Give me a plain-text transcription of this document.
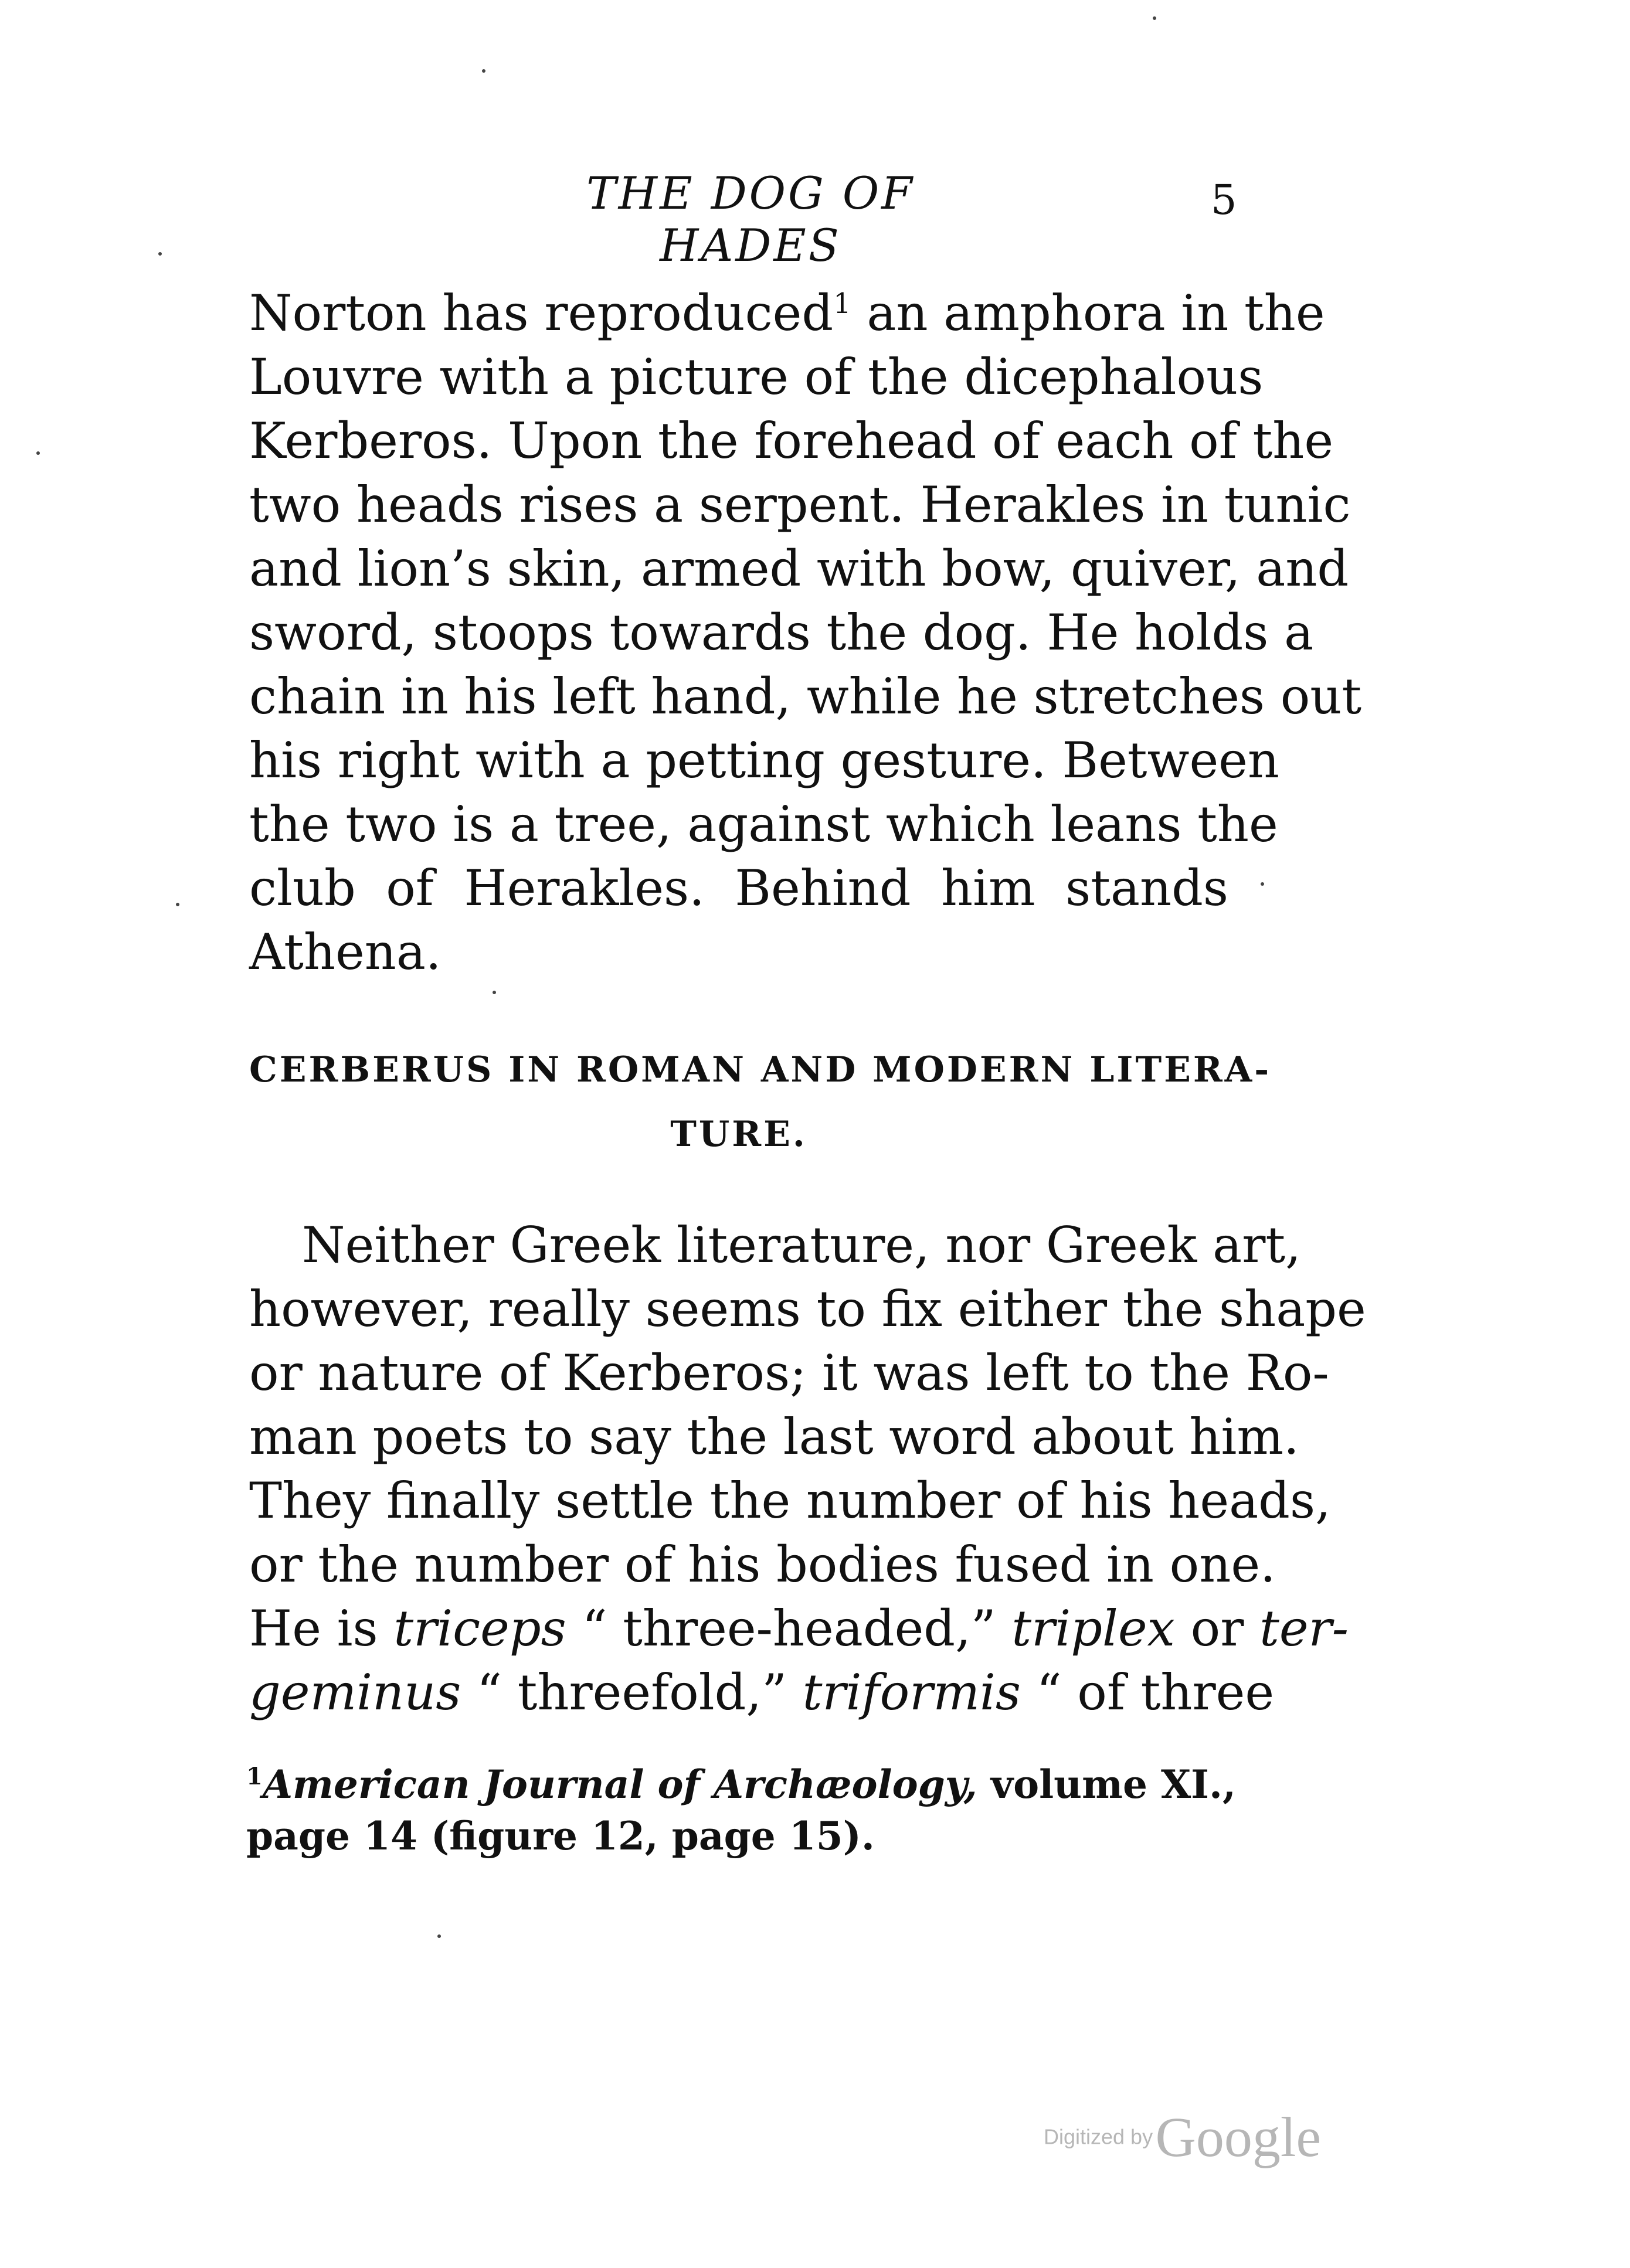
THE DOG OF HADES
5

Norton has reproduced$^1$ an amphora in the
Louvre with a picture of the dicephalous
Kerberos. Upon the forehead of each of the
two heads rises a serpent. Herakles in tunic
and lion’s skin, armed with bow, quiver, and
sword, stoops towards the dog. He holds a
chain in his left hand, while he stretches out
his right with a petting gesture. Between
the two is a tree, against which leans the
club of Herakles. Behind him stands
Athena.

CERBERUS IN ROMAN AND MODERN LITERA-
TURE.

Neither Greek literature, nor Greek art,
however, really seems to fix either the shape
or nature of Kerberos; it was left to the Ro-
man poets to say the last word about him.
They finally settle the number of his heads,
or the number of his bodies fused in one.
He is triceps “ three-headed,” triplex or ter-
geminus “ threefold,” triformis “ of three

$^1$American Journal of Archæology, volume XI.,
page 14 (figure 12, page 15).

Digitized by Google
